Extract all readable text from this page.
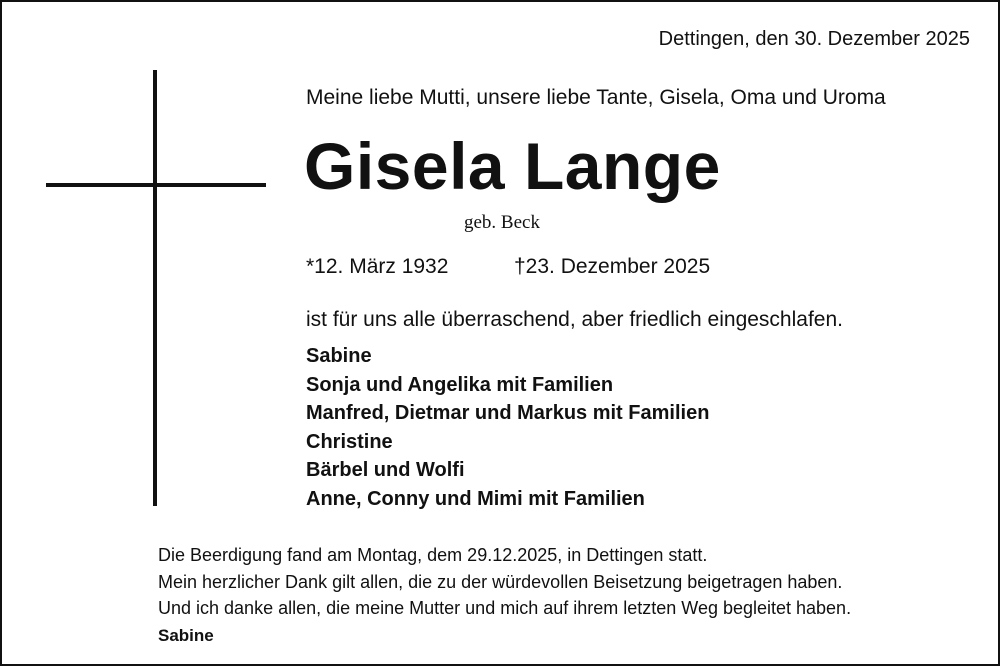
Dettingen, den 30. Dezember 2025
Meine liebe Mutti, unsere liebe Tante, Gisela, Oma und Uroma
Gisela Lange
geb. Beck
*12. März 1932	†23. Dezember 2025
ist für uns alle überraschend, aber friedlich eingeschlafen.
Sabine
Sonja und Angelika mit Familien
Manfred, Dietmar und Markus mit Familien
Christine
Bärbel und Wolfi
Anne, Conny und Mimi mit Familien
Die Beerdigung fand am Montag, dem 29.12.2025, in Dettingen statt.
Mein herzlicher Dank gilt allen, die zu der würdevollen Beisetzung beigetragen haben.
Und ich danke allen, die meine Mutter und mich auf ihrem letzten Weg begleitet haben.
Sabine
